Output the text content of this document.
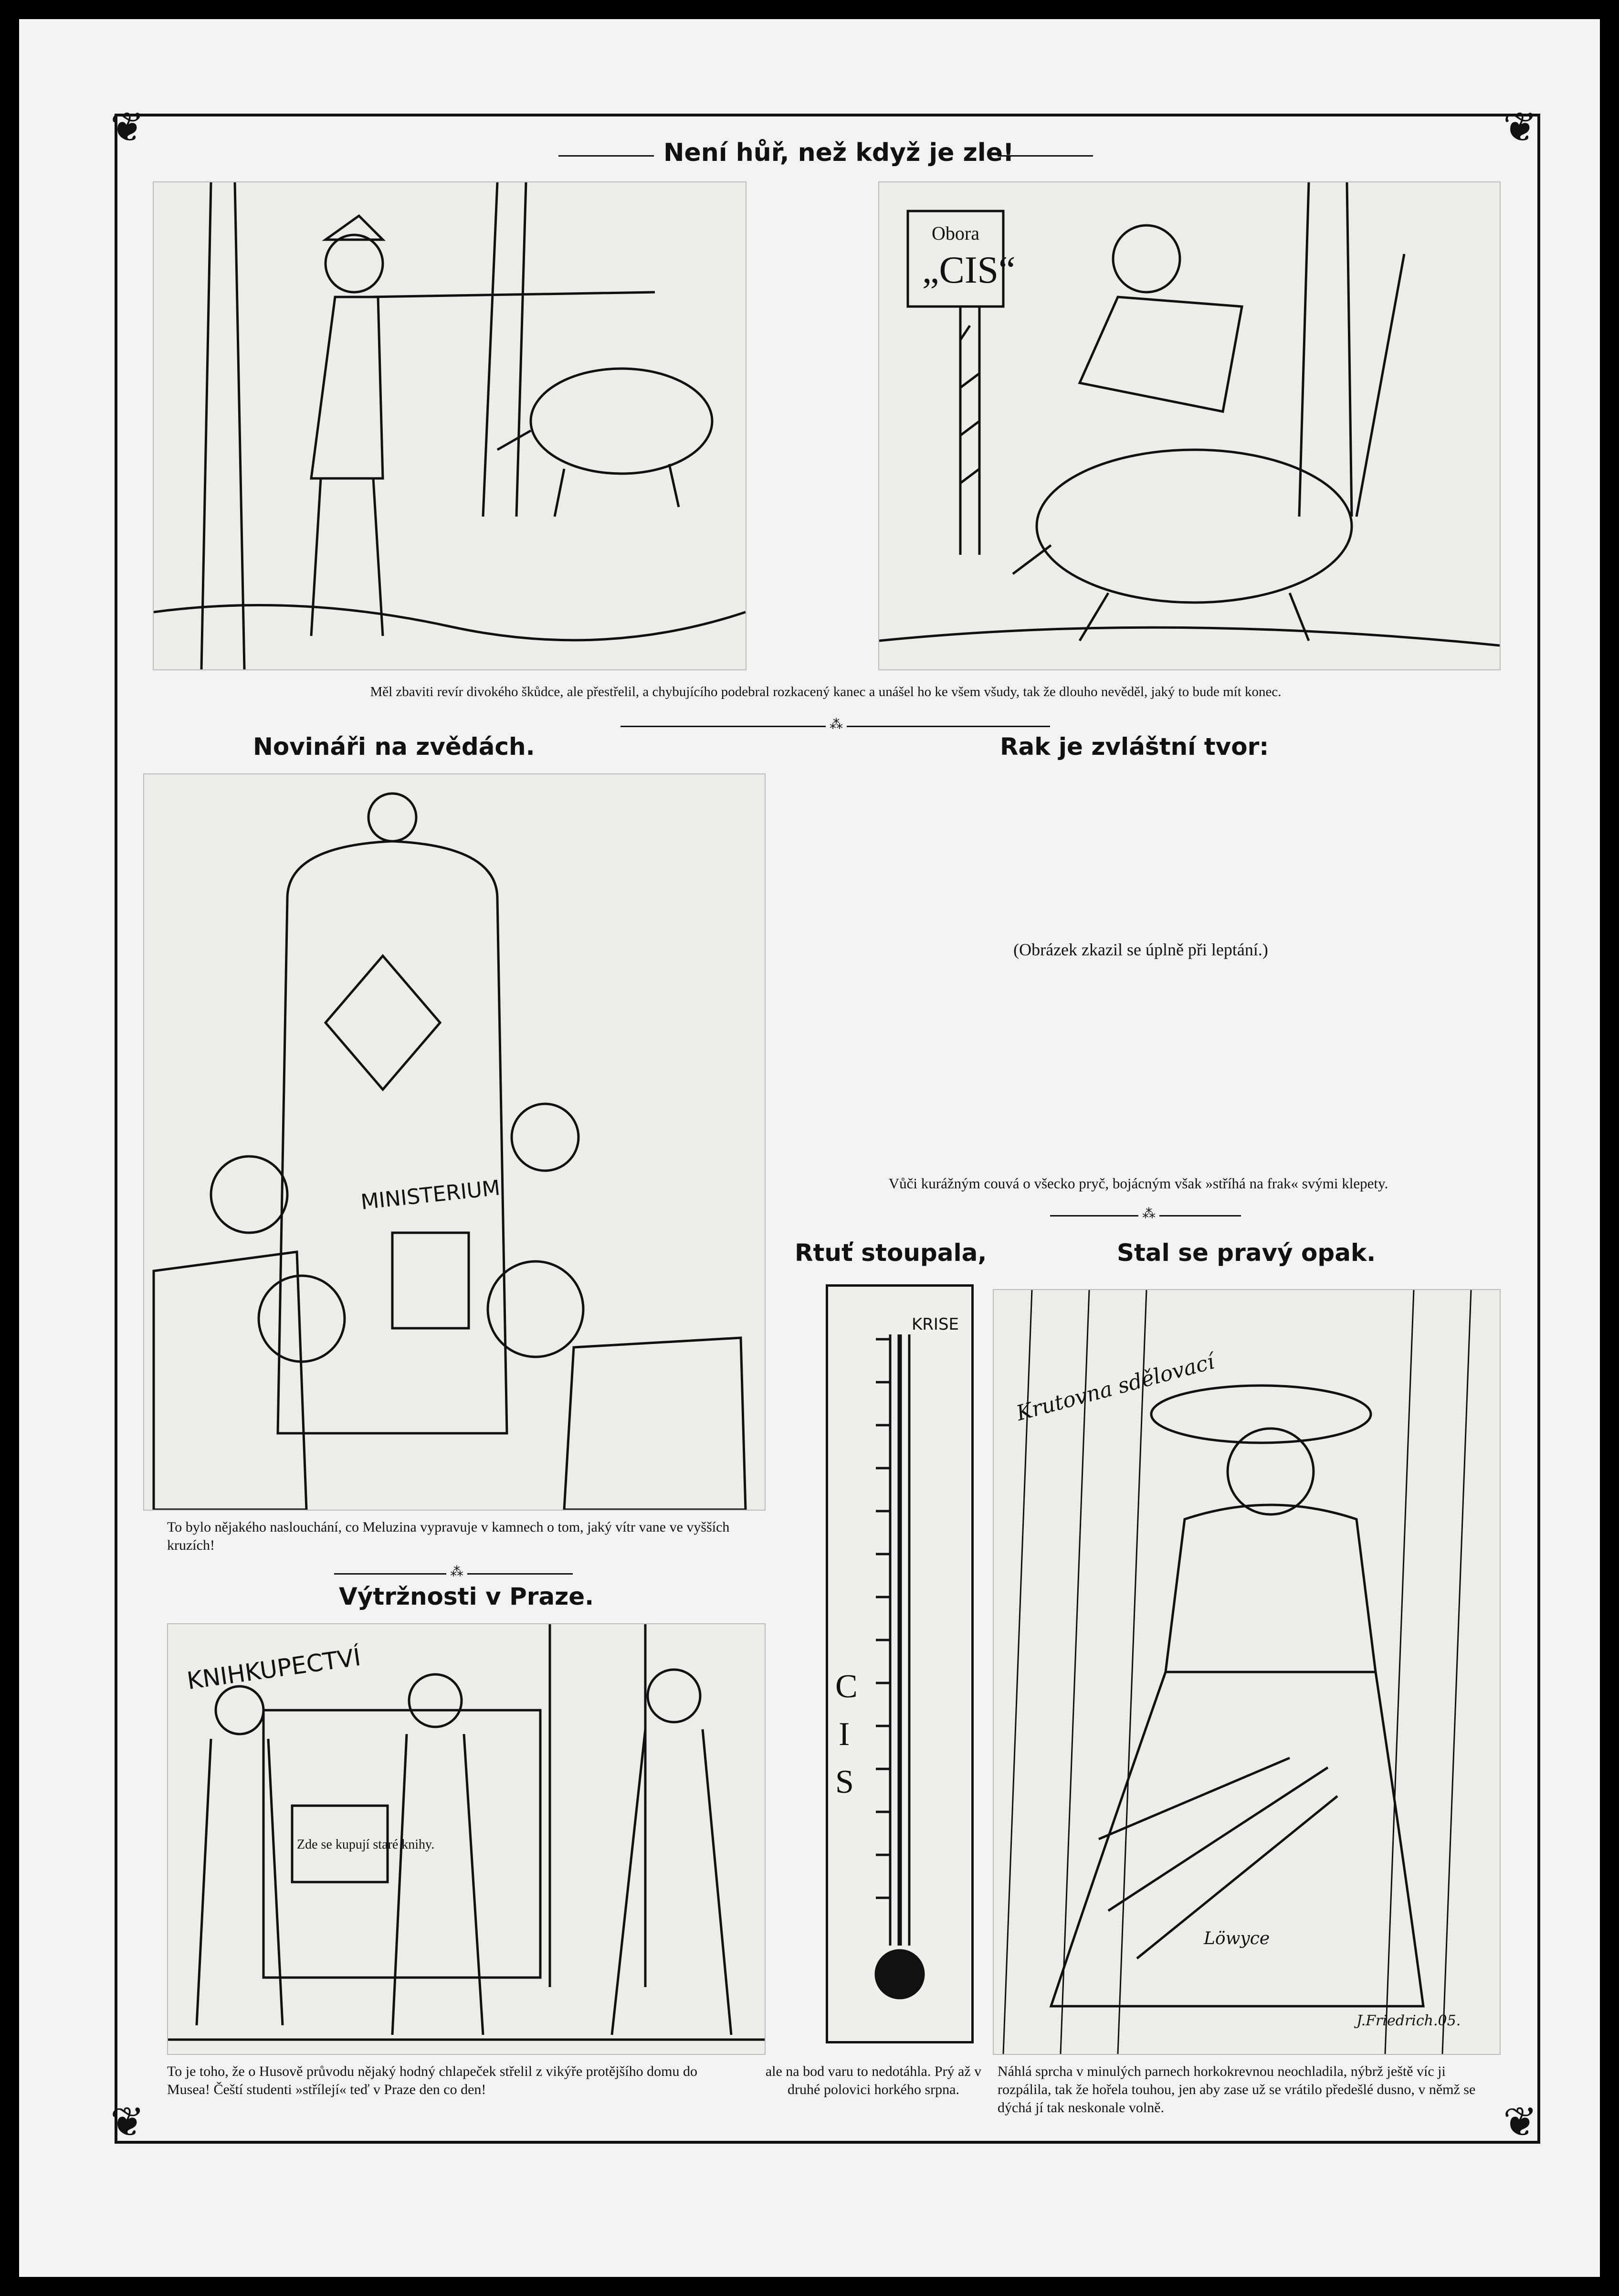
❦	❦
❦	❦
Není hůř, než když je zle!
Obora
„CIS“
Měl zbaviti revír divokého škůdce, ale přestřelil, a chybujícího podebral rozkacený kanec a unášel ho ke všem všudy, tak že dlouho nevěděl, jaký to bude mít konec.
⁂
Novináři na zvědách.
MINISTERIUM
To bylo nějakého naslouchání, co Meluzina vypravuje v kamnech o tom, jaký vítr vane ve vyšších kruzích!
⁂
Rak je zvláštní tvor:
(Obrázek zkazil se úplně při leptání.)
Vůči kurážným couvá o všecko pryč, bojácným však »stříhá na frak« svými klepety.
⁂
Výtržnosti v Praze.
KNIHKUPECTVÍ
Zde se kupují staré knihy.
To je toho, že o Husově průvodu nějaký hodný chlapeček střelil z vikýře protějšího domu do Musea! Čeští studenti »střílejí« teď v Praze den co den!
Rtuť stoupala,
KRISE
C
I
S
ale na bod varu to nedotáhla. Prý až v druhé polovici horkého srpna.
Stal se pravý opak.
Krutovna sdělovací
Löwyce
J.Friedrich.05.
Náhlá sprcha v minulých parnech horkokrevnou neochladila, nýbrž ještě víc ji rozpálila, tak že hořela touhou, jen aby zase už se vrátilo předešlé dusno, v němž se dýchá jí tak neskonale volně.
